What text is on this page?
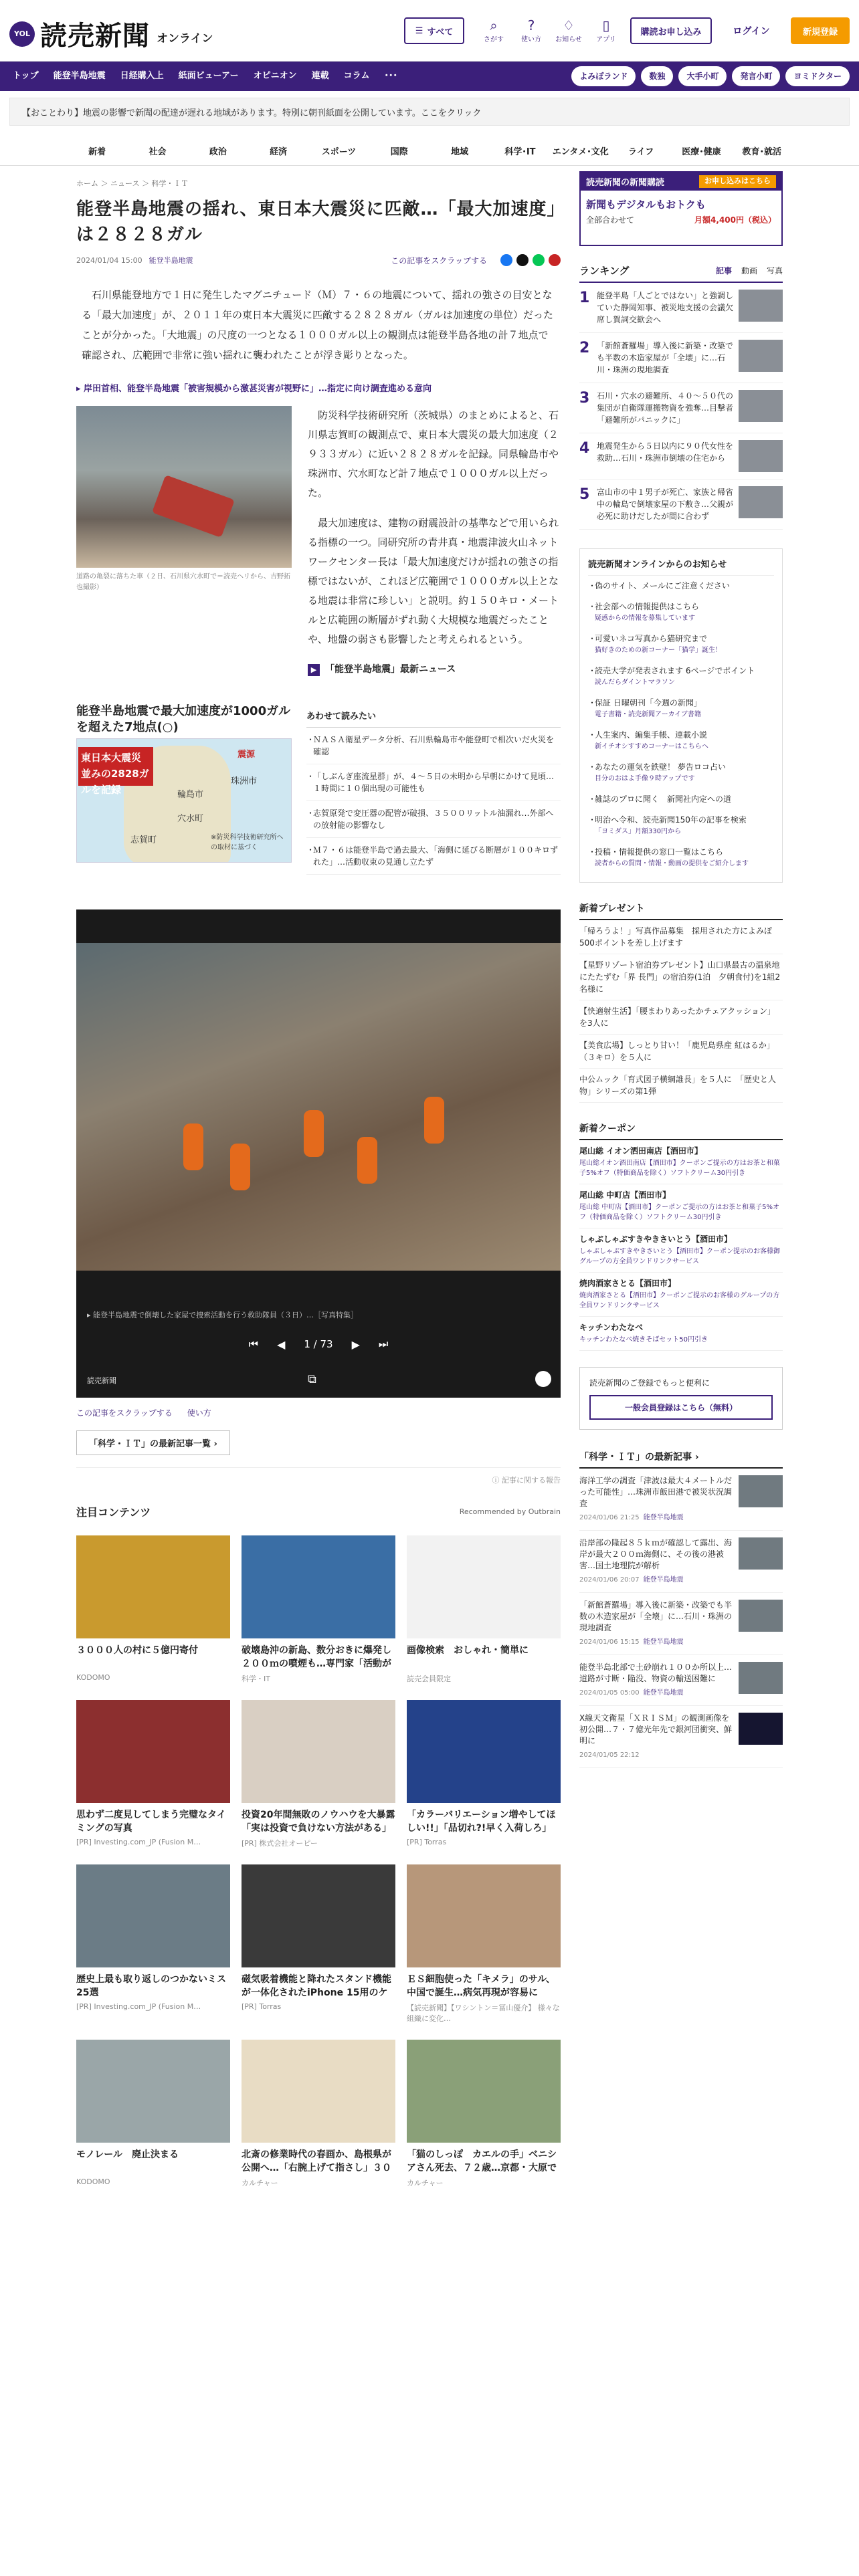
YOL 読売新聞 オンライン
☰ すべて	⌕
さがす
?
使い方
♢
お知らせ
▯
アプリ
購読お申し込み	ログイン	新規登録
トップ	能登半島地震	日経購入上	紙面ビューアー	オピニオン	連載	コラム	･･･	よみぽランド	数独	大手小町	発言小町	ヨミドクター
【おことわり】地震の影響で新聞の配達が遅れる地域があります。特別に朝刊紙面を公開しています。ここをクリック
新着	社会	政治	経済	スポーツ	国際	地域	科学･IT	エンタメ･文化	ライフ	医療･健康	教育･就活
ホーム ＞ ニュース ＞ 科学・ＩＴ
能登半島地震の揺れ、東日本大震災に匹敵…「最大加速度」は２８２８ガル
2024/01/04 15:00 能登半島地震	この記事をスクラップする

石川県能登地方で１日に発生したマグニチュード（Ｍ）７・６の地震について、揺れの強さの目安となる「最大加速度」が、２０１１年の東日本大震災に匹敵する２８２８ガル（ガルは加速度の単位）だったことが分かった。「大地震」の尺度の一つとなる１０００ガル以上の観測点は能登半島各地の計７地点で確認され、広範囲で非常に強い揺れに襲われたことが浮き彫りとなった。

▸ 岸田首相、能登半島地震「被害規模から激甚災害が視野に」…指定に向け調査進める意向
道路の亀裂に落ちた車（２日、石川県穴水町で＝読売ヘリから、吉野拓也撮影）

防災科学技術研究所（茨城県）のまとめによると、石川県志賀町の観測点で、東日本大震災の最大加速度（２９３３ガル）に近い２８２８ガルを記録。同県輪島市や珠洲市、穴水町など計７地点で１０００ガル以上だった。

最大加速度は、建物の耐震設計の基準などで用いられる指標の一つ。同研究所の青井真・地震津波火山ネットワークセンター長は「最大加速度だけが揺れの強さの指標ではないが、これほど広範囲で１０００ガル以上となる地震は非常に珍しい」と説明。約１５０キロ・メートルと広範囲の断層がずれ動く大規模な地震だったことや、地盤の弱さも影響したと考えられるという。

▶ 「能登半島地震」最新ニュース
能登半島地震で最大加速度が1000ガルを超えた7地点(○)
東日本大震災並みの2828ガルを記録	輪島市
珠洲市
穴水町
志賀町
震源
※防災科学技術研究所への取材に基づく
あわせて読みたい
・ ＮＡＳＡ衛星データ分析、石川県輪島市や能登町で相次いだ火災を確認
・ 「しぶんぎ座流星群」が、４～５日の未明から早朝にかけて見頃…１時間に１０個出現の可能性も
・ 志賀原発で変圧器の配管が破損、３５００リットル油漏れ…外部への放射能の影響なし
・ Ｍ７・６は能登半島で過去最大、「海側に延びる断層が１００キロずれた」…活動収束の見通し立たず
▸ 能登半島地震で倒壊した家屋で捜索活動を行う救助隊員（３日）…［写真特集］
⏮ ◀ 1 / 73 ▶ ⏭
読売新聞	⧉
この記事をスクラップする 使い方
「科学・ＩＴ」の最新記事一覧 ›
ⓘ 記事に関する報告
注目コンテンツ	Recommended by Outbrain
３０００人の村に５億円寄付
KODOMO
破壊島沖の新島、数分おきに爆発し２００ｍの噴煙も…専門家「活動が
科学・IT
画像検索　おしゃれ・簡単に
読売会員限定
思わず二度見してしまう完璧なタイミングの写真
[PR] Investing.com_JP (Fusion M…
投資20年間無敗のノウハウを大暴露「実は投資で負けない方法がある」
[PR] 株式会社オーピー
「カラーバリエーション増やしてほしい!!」「品切れ?!早く入荷しろ」
[PR] Torras
歴史上最も取り返しのつかないミス25選
[PR] Investing.com_JP (Fusion M…
磁気吸着機能と降れたスタンド機能が一体化されたiPhone 15用のケ
[PR] Torras
ＥＳ細胞使った「キメラ」のサル、中国で誕生…病気再現が容易に
【読売新聞】【ワシントン＝冨山優介】 様々な組織に変化…
モノレール　廃止決まる
KODOMO
北斎の修業時代の春画か、島根県が公開へ…「右腕上げて指さし」３０
カルチャー
「猫のしっぽ　カエルの手」ベニシアさん死去、７２歳…京都・大原で
カルチャー
読売新聞の新聞購読	お申し込みはこちら
新聞もデジタルもおトクも
全部合わせて	月額4,400円（税込）
ランキング	記事 動画 写真
1 能登半島「人ごとではない」と強調していた静岡知事、被災地支援の会議欠席し賀詞交歓会へ
2 「新館蒼羅場」導入後に新築・改築でも半数の木造家屋が「全壊」に…石川・珠洲の現地調査
3 石川・穴水の避難所、４０～５０代の集団が自衛隊運搬物資を強奪…目撃者「避難所がパニックに」
4 地震発生から５日以内に９０代女性を救助…石川・珠洲市倒壊の住宅から
5 富山市の中１男子が死亡、家族と帰省中の輪島で倒壊家屋の下敷き…父親が必死に助けだしたが間に合わず
読売新聞オンラインからのお知らせ
・ 偽のサイト、メールにご注意ください
・ 社会部への情報提供はこちら
疑惑からの情報を募集しています
・ 可愛いネコ写真から猫研究まで
猫好きのための新コーナー「猫学」誕生！
・ 読売大学が発表されます 6ページでポイント
読んだらダイントマラソン
・ 保証 日曜朝刊「今週の新聞」
電子書籍・読売新聞アーカイブ書籍
・ 人生案内、編集手帳、連載小説
新イチオシすすめコーナーはこちらへ
・ あなたの運気を鉄壁！ 夢告ロコ占い
目分のおはよ手像９時アップです
・ 雑誌のプロに聞く　新聞社内定への道
・ 明治へ令和、読売新聞150年の記事を検索
「ヨミダス」月額330円から
・ 投稿・情報提供の窓口一覧はこちら
読者からの質問・情報・動画の提供をご紹介します
新着プレゼント
「帰ろうよ！」写真作品募集　採用された方によみぽ500ポイントを差し上げます
【星野リゾート宿泊券プレゼント】山口県最古の温泉地にたたずむ「界 長門」の宿泊券(1泊　夕朝食付)を1組2名様に
【快適射生活】「腰まわりあったかチェアクッション」を3人に
【美食広場】しっとり甘い！「鹿児島県産 紅はるか」（３キロ）を５人に
中公ムック「育式図子横綱誰長」を５人に　「歴史と人物」シリーズの第1弾
新着クーポン
尾山総 イオン洒田南店【酒田市】
尾山総イオン酒田南店【酒田市】クーポンご提示の方はお茶と和菓子5%オフ（特価商品を除く）ソフトクリーム30円引き
尾山総 中町店【酒田市】
尾山総 中町店【酒田市】クーポンご提示の方はお茶と和菓子5%オフ（特価商品を除く）ソフトクリーム30円引き
しゃぶしゃぶすきやきさいとう【酒田市】
しゃぶしゃぶすきやきさいとう【酒田市】クーポン提示のお客様御グループの方全員ワンドリンクサービス
焼肉酒家さとる【酒田市】
焼肉酒家さとる【酒田市】クーポンご提示のお客様のグループの方全員ワンドリンクサービス
キッチンわたなべ
キッチンわたなべ焼きそばセット50円引き
読売新聞のご登録でもっと便利に
一般会員登録はこちら（無料）
「科学・ＩＴ」の最新記事 ›
海洋工学の調査「津波は最大４メートルだった可能性」…珠洲市飯田港で被災状況調査
2024/01/06 21:25 能登半島地震
沿岸部の隆起８５ｋｍが確認して露出、海岸が最大２００ｍ海側に、その後の港被害…国土地理院が解析
2024/01/06 20:07 能登半島地震
「新館蒼羅場」導入後に新築・改築でも半数の木造家屋が「全壊」に…石川・珠洲の現地調査
2024/01/06 15:15 能登半島地震
能登半島北部で土砂崩れ１００か所以上…道路が寸断・陥没、物資の輸送困難に
2024/01/05 05:00 能登半島地震
X線天文衛星「ＸＲＩＳＭ」の観測画像を初公開…７・７億光年先で銀河団衝突、鮮明に
2024/01/05 22:12
